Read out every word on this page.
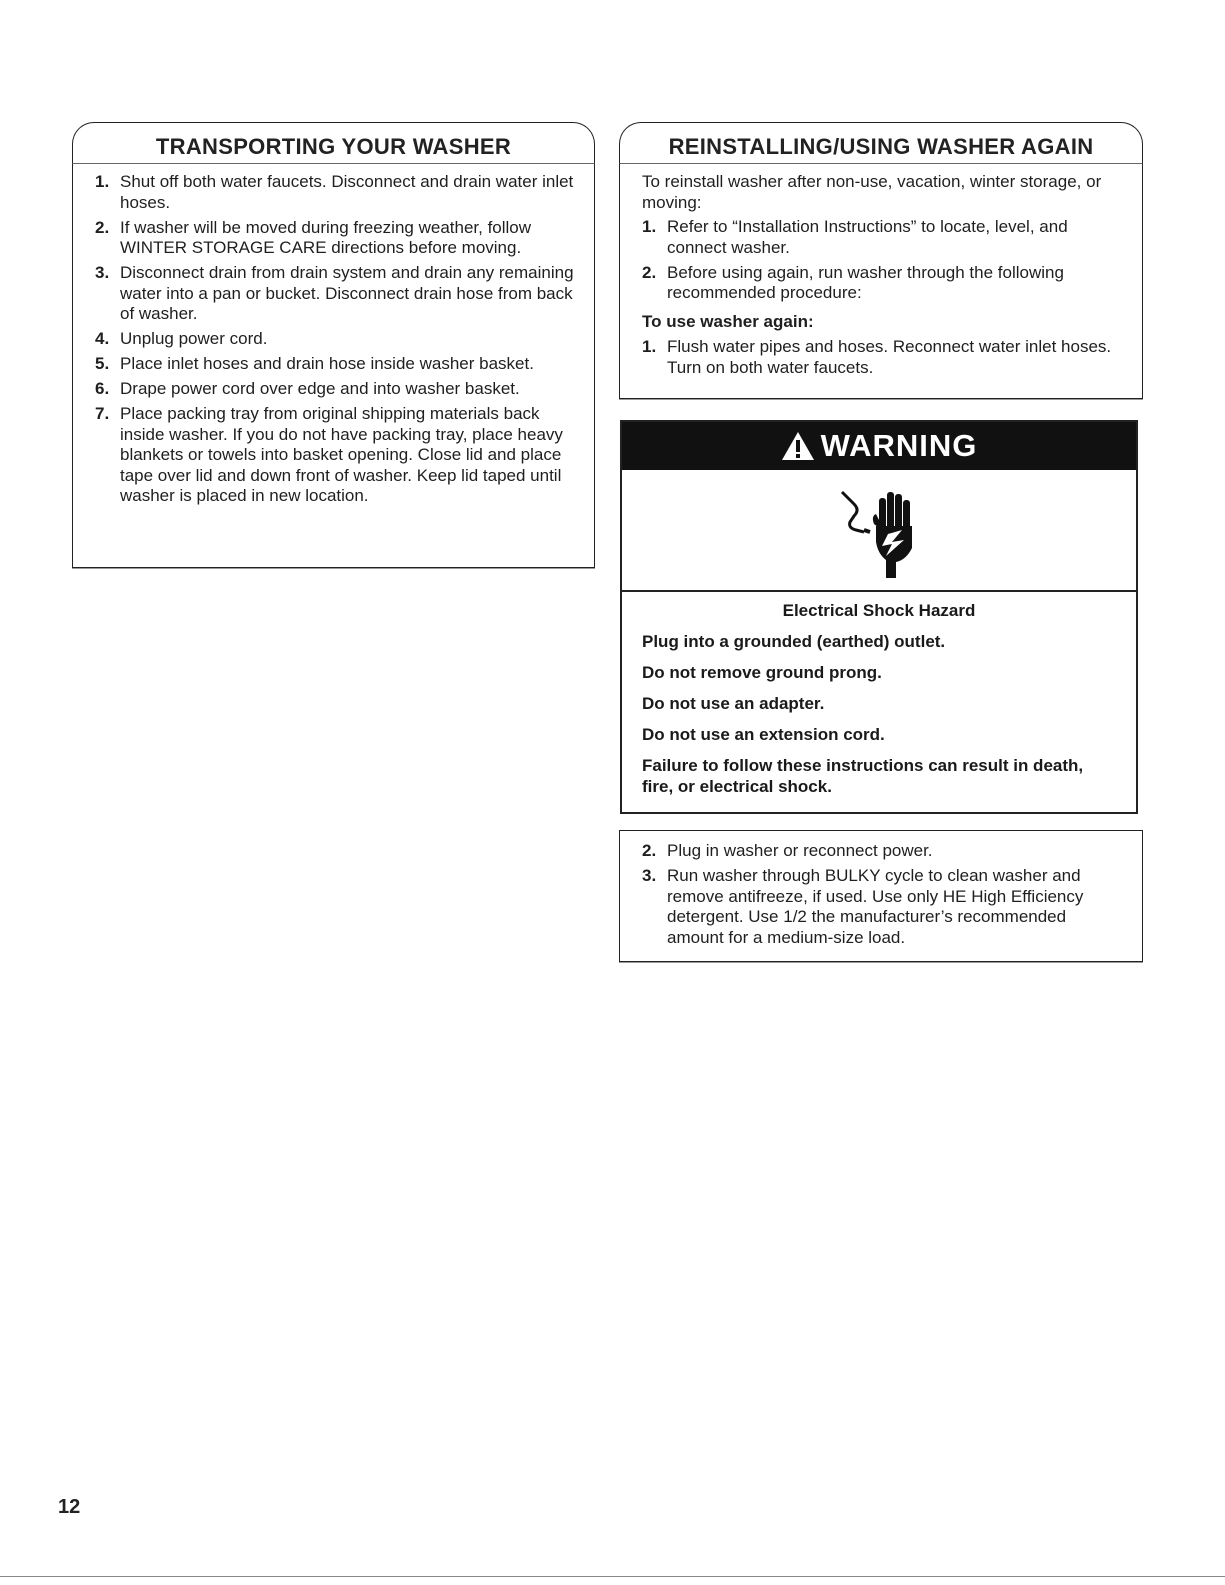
TRANSPORTING YOUR WASHER
1. Shut off both water faucets. Disconnect and drain water inlet hoses.
2. If washer will be moved during freezing weather, follow WINTER STORAGE CARE directions before moving.
3. Disconnect drain from drain system and drain any remaining water into a pan or bucket. Disconnect drain hose from back of washer.
4. Unplug power cord.
5. Place inlet hoses and drain hose inside washer basket.
6. Drape power cord over edge and into washer basket.
7. Place packing tray from original shipping materials back inside washer. If you do not have packing tray, place heavy blankets or towels into basket opening. Close lid and place tape over lid and down front of washer. Keep lid taped until washer is placed in new location.
REINSTALLING/USING WASHER AGAIN
To reinstall washer after non-use, vacation, winter storage, or moving:
1. Refer to “Installation Instructions” to locate, level, and connect washer.
2. Before using again, run washer through the following recommended procedure:
To use washer again:
1. Flush water pipes and hoses. Reconnect water inlet hoses. Turn on both water faucets.
WARNING

Electrical Shock Hazard

Plug into a grounded (earthed) outlet.

Do not remove ground prong.

Do not use an adapter.

Do not use an extension cord.

Failure to follow these instructions can result in death, fire, or electrical shock.

2. Plug in washer or reconnect power.
3. Run washer through BULKY cycle to clean washer and remove antifreeze, if used. Use only HE High Efficiency detergent. Use 1/2 the manufacturer’s recommended amount for a medium-size load.
12
